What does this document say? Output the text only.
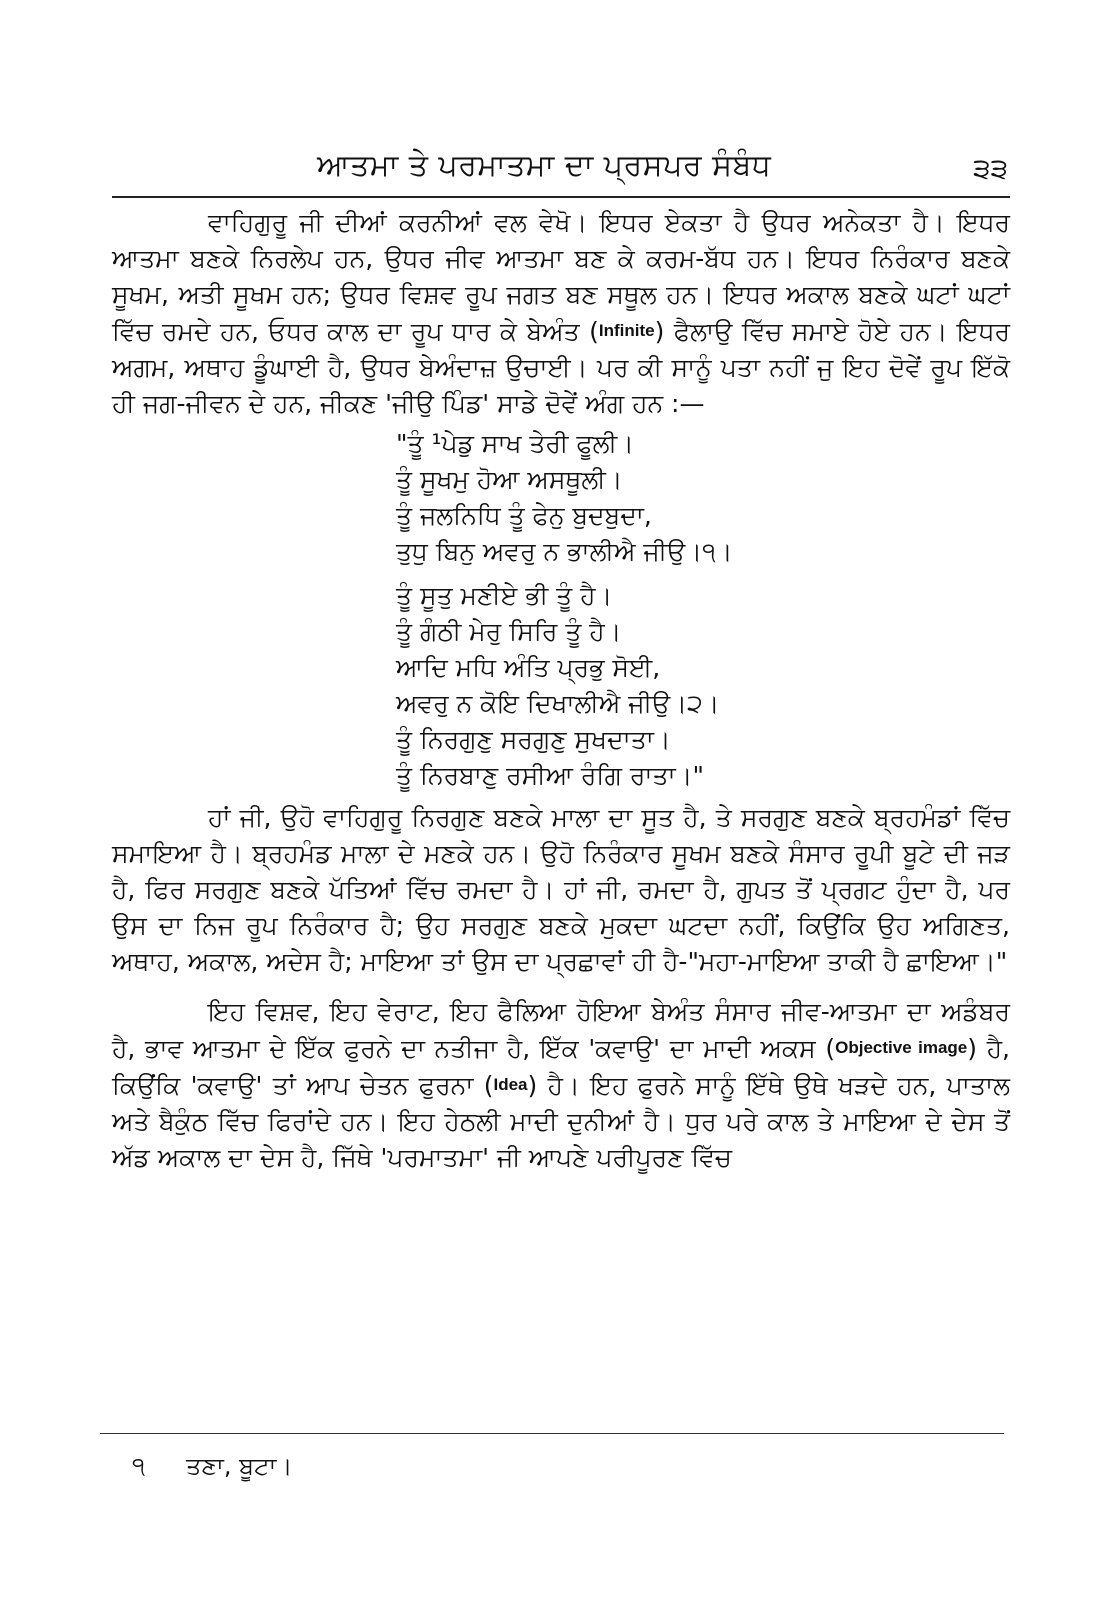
ਆਤਮਾ ਤੇ ਪਰਮਾਤਮਾ ਦਾ ਪ੍ਰਸਪਰ ਸੰਬੰਧ	੩੩

ਵਾਹਿਗੁਰੂ ਜੀ ਦੀਆਂ ਕਰਨੀਆਂ ਵਲ ਵੇਖੋ। ਇਧਰ ਏਕਤਾ ਹੈ ਉਧਰ ਅਨੇਕਤਾ ਹੈ। ਇਧਰ ਆਤਮਾ ਬਣਕੇ ਨਿਰਲੇਪ ਹਨ, ਉਧਰ ਜੀਵ ਆਤਮਾ ਬਣ ਕੇ ਕਰਮ-ਬੱਧ ਹਨ। ਇਧਰ ਨਿਰੰਕਾਰ ਬਣਕੇ ਸੂਖਮ, ਅਤੀ ਸੂਖਮ ਹਨ; ਉਧਰ ਵਿਸ਼ਵ ਰੂਪ ਜਗਤ ਬਣ ਸਥੂਲ ਹਨ। ਇਧਰ ਅਕਾਲ ਬਣਕੇ ਘਟਾਂ ਘਟਾਂ ਵਿੱਚ ਰਮਦੇ ਹਨ, ਓਧਰ ਕਾਲ ਦਾ ਰੂਪ ਧਾਰ ਕੇ ਬੇਅੰਤ (Infinite) ਫੈਲਾਉ ਵਿੱਚ ਸਮਾਏ ਹੋਏ ਹਨ। ਇਧਰ ਅਗਮ, ਅਥਾਹ ਡੂੰਘਾਈ ਹੈ, ਉਧਰ ਬੇਅੰਦਾਜ਼ ਉਚਾਈ। ਪਰ ਕੀ ਸਾਨੂੰ ਪਤਾ ਨਹੀਂ ਜੁ ਇਹ ਦੋਵੇਂ ਰੂਪ ਇੱਕੋ ਹੀ ਜਗ-ਜੀਵਨ ਦੇ ਹਨ, ਜੀਕਣ 'ਜੀਉ ਪਿੰਡ' ਸਾਡੇ ਦੋਵੇਂ ਅੰਗ ਹਨ :—

"ਤੂੰ ¹ਪੇਡੁ ਸਾਖ ਤੇਰੀ ਫੂਲੀ।
ਤੂੰ ਸੂਖਮੁ ਹੋਆ ਅਸਥੂਲੀ।
ਤੂੰ ਜਲਨਿਧਿ ਤੂੰ ਫੇਨੁ ਬੁਦਬੁਦਾ,
ਤੁਧੁ ਬਿਨੁ ਅਵਰੁ ਨ ਭਾਲੀਐ ਜੀਉ।੧।
ਤੂੰ ਸੂਤੁ ਮਣੀਏ ਭੀ ਤੂੰ ਹੈ।
ਤੂੰ ਗੰਠੀ ਮੇਰੁ ਸਿਰਿ ਤੂੰ ਹੈ।
ਆਦਿ ਮਧਿ ਅੰਤਿ ਪ੍ਰਭੁ ਸੋਈ,
ਅਵਰੁ ਨ ਕੋਇ ਦਿਖਾਲੀਐ ਜੀਉ।੨।
ਤੂੰ ਨਿਰਗੁਣੁ ਸਰਗੁਣੁ ਸੁਖਦਾਤਾ।
ਤੂੰ ਨਿਰਬਾਣੁ ਰਸੀਆ ਰੰਗਿ ਰਾਤਾ।"

ਹਾਂ ਜੀ, ਉਹੋ ਵਾਹਿਗੁਰੂ ਨਿਰਗੁਣ ਬਣਕੇ ਮਾਲਾ ਦਾ ਸੂਤ ਹੈ, ਤੇ ਸਰਗੁਣ ਬਣਕੇ ਬ੍ਰਹਮੰਡਾਂ ਵਿੱਚ ਸਮਾਇਆ ਹੈ। ਬ੍ਰਹਮੰਡ ਮਾਲਾ ਦੇ ਮਣਕੇ ਹਨ। ਉਹੋ ਨਿਰੰਕਾਰ ਸੂਖਮ ਬਣਕੇ ਸੰਸਾਰ ਰੂਪੀ ਬੂਟੇ ਦੀ ਜੜ ਹੈ, ਫਿਰ ਸਰਗੁਣ ਬਣਕੇ ਪੱਤਿਆਂ ਵਿੱਚ ਰਮਦਾ ਹੈ। ਹਾਂ ਜੀ, ਰਮਦਾ ਹੈ, ਗੁਪਤ ਤੋਂ ਪ੍ਰਗਟ ਹੁੰਦਾ ਹੈ, ਪਰ ਉਸ ਦਾ ਨਿਜ ਰੂਪ ਨਿਰੰਕਾਰ ਹੈ; ਉਹ ਸਰਗੁਣ ਬਣਕੇ ਮੁਕਦਾ ਘਟਦਾ ਨਹੀਂ, ਕਿਉਂਕਿ ਉਹ ਅਗਿਣਤ, ਅਥਾਹ, ਅਕਾਲ, ਅਦੇਸ ਹੈ; ਮਾਇਆ ਤਾਂ ਉਸ ਦਾ ਪ੍ਰਛਾਵਾਂ ਹੀ ਹੈ-"ਮਹਾ-ਮਾਇਆ ਤਾਕੀ ਹੈ ਛਾਇਆ।"

ਇਹ ਵਿਸ਼ਵ, ਇਹ ਵੇਰਾਟ, ਇਹ ਫੈਲਿਆ ਹੋਇਆ ਬੇਅੰਤ ਸੰਸਾਰ ਜੀਵ-ਆਤਮਾ ਦਾ ਅਡੰਬਰ ਹੈ, ਭਾਵ ਆਤਮਾ ਦੇ ਇੱਕ ਫੁਰਨੇ ਦਾ ਨਤੀਜਾ ਹੈ, ਇੱਕ 'ਕਵਾਉ' ਦਾ ਮਾਦੀ ਅਕਸ (Objective image) ਹੈ, ਕਿਉਂਕਿ 'ਕਵਾਉ' ਤਾਂ ਆਪ ਚੇਤਨ ਫੁਰਨਾ (Idea) ਹੈ। ਇਹ ਫੁਰਨੇ ਸਾਨੂੰ ਇੱਥੇ ਉਥੇ ਖੜਦੇ ਹਨ, ਪਾਤਾਲ ਅਤੇ ਬੈਕੁੰਠ ਵਿੱਚ ਫਿਰਾਂਦੇ ਹਨ। ਇਹ ਹੇਠਲੀ ਮਾਦੀ ਦੁਨੀਆਂ ਹੈ। ਧੁਰ ਪਰੇ ਕਾਲ ਤੇ ਮਾਇਆ ਦੇ ਦੇਸ ਤੋਂ ਅੱਡ ਅਕਾਲ ਦਾ ਦੇਸ ਹੈ, ਜਿੱਥੇ 'ਪਰਮਾਤਮਾ' ਜੀ ਆਪਣੇ ਪਰੀਪੂਰਣ ਵਿੱਚ

੧ ਤਣਾ, ਬੂਟਾ।
